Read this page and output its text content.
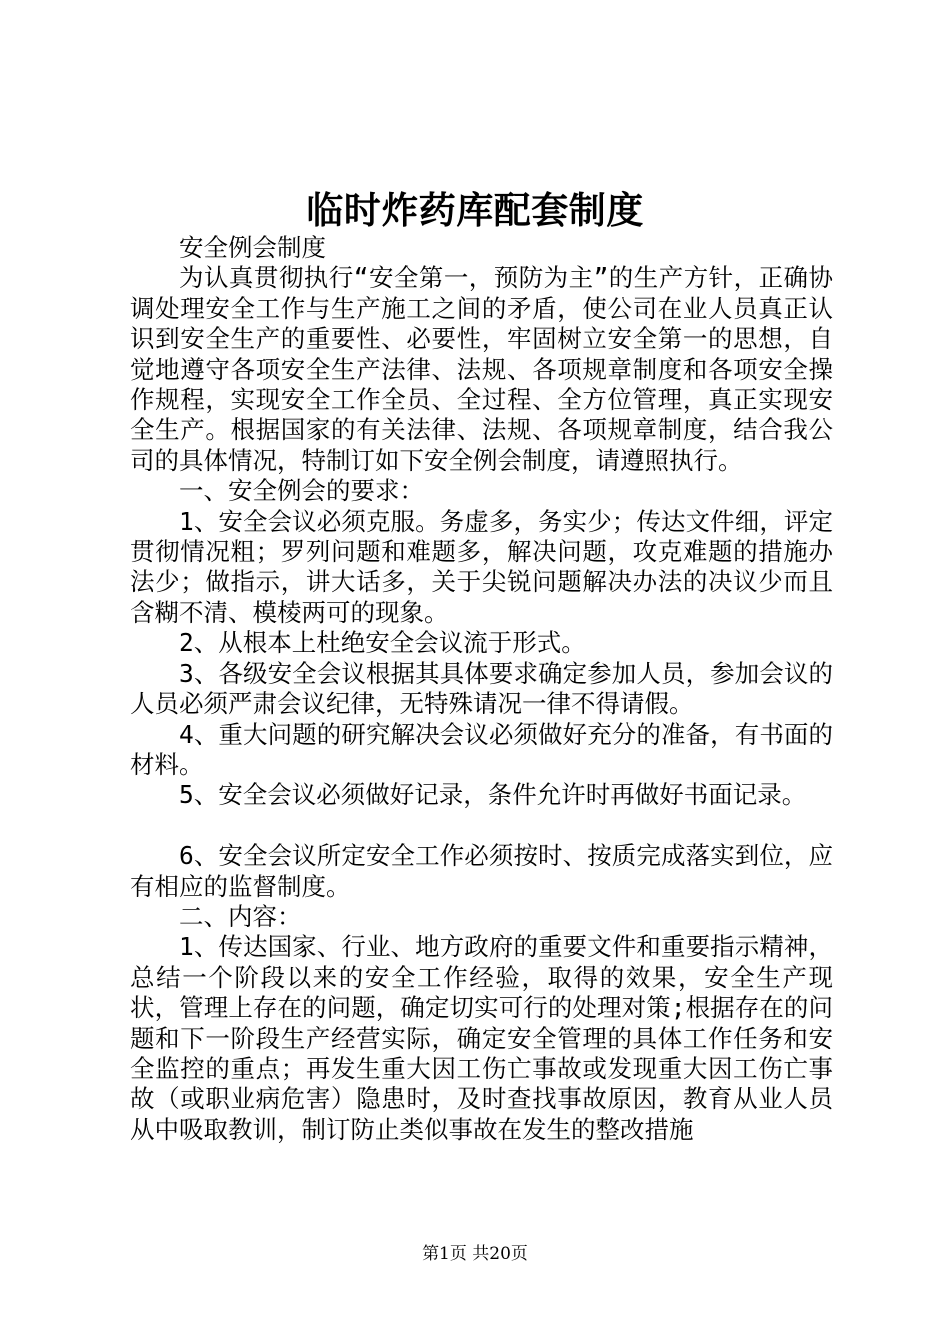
临时炸药库配套制度

安全例会制度

为认真贯彻执行“安全第一，预防为主”的生产方针，正确协调处理安全工作与生产施工之间的矛盾，使公司在业人员真正认识到安全生产的重要性、必要性，牢固树立安全第一的思想，自觉地遵守各项安全生产法律、法规、各项规章制度和各项安全操作规程，实现安全工作全员、全过程、全方位管理，真正实现安全生产。根据国家的有关法律、法规、各项规章制度，结合我公司的具体情况，特制订如下安全例会制度，请遵照执行。

一、安全例会的要求：

1、安全会议必须克服。务虚多，务实少；传达文件细，评定贯彻情况粗；罗列问题和难题多，解决问题，攻克难题的措施办法少；做指示，讲大话多，关于尖锐问题解决办法的决议少而且含糊不清、模棱两可的现象。

2、从根本上杜绝安全会议流于形式。

3、各级安全会议根据其具体要求确定参加人员，参加会议的人员必须严肃会议纪律，无特殊请况一律不得请假。

4、重大问题的研究解决会议必须做好充分的准备，有书面的材料。

5、安全会议必须做好记录，条件允许时再做好书面记录。

6、安全会议所定安全工作必须按时、按质完成落实到位，应有相应的监督制度。

二、内容：

1、传达国家、行业、地方政府的重要文件和重要指示精神，总结一个阶段以来的安全工作经验，取得的效果，安全生产现状，管理上存在的问题，确定切实可行的处理对策;根据存在的问题和下一阶段生产经营实际，确定安全管理的具体工作任务和安全监控的重点；再发生重大因工伤亡事故或发现重大因工伤亡事故（或职业病危害）隐患时，及时查找事故原因，教育从业人员从中吸取教训，制订防止类似事故在发生的整改措施

第1页 共20页
